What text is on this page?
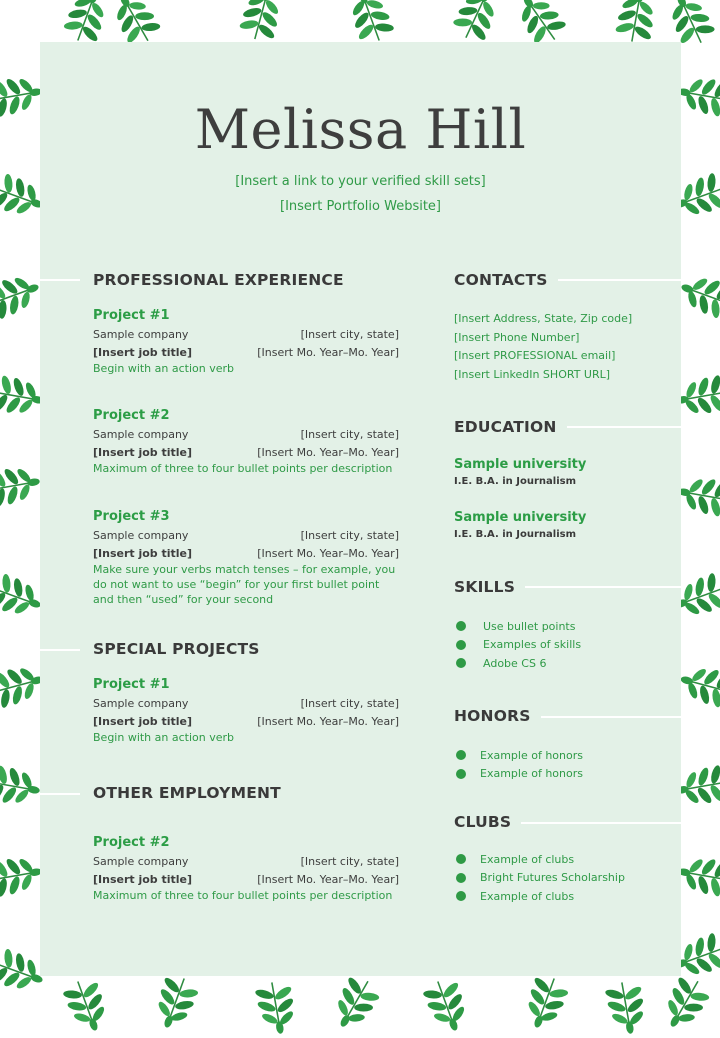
Melissa Hill
[Insert a link to your verified skill sets]
[Insert Portfolio Website]
PROFESSIONAL EXPERIENCE
Project #1
Sample company	[Insert city, state]
[Insert job title]	[Insert Mo. Year–Mo. Year]
Begin with an action verb
Project #2
Sample company	[Insert city, state]
[Insert job title]	[Insert Mo. Year–Mo. Year]
Maximum of three to four bullet points per description
Project #3
Sample company	[Insert city, state]
[Insert job title]	[Insert Mo. Year–Mo. Year]
Make sure your verbs match tenses – for example, you do not want to use “begin” for your first bullet point and then “used” for your second
SPECIAL PROJECTS
Project #1
Sample company	[Insert city, state]
[Insert job title]	[Insert Mo. Year–Mo. Year]
Begin with an action verb
OTHER EMPLOYMENT
Project #2
Sample company	[Insert city, state]
[Insert job title]	[Insert Mo. Year–Mo. Year]
Maximum of three to four bullet points per description
CONTACTS
[Insert Address, State, Zip code]
[Insert Phone Number]
[Insert PROFESSIONAL email]
[Insert LinkedIn SHORT URL]
EDUCATION
Sample university
I.E. B.A. in Journalism
Sample university
I.E. B.A. in Journalism
SKILLS
Use bullet points
Examples of skills
Adobe CS 6
HONORS
Example of honors
Example of honors
CLUBS
Example of clubs
Bright Futures Scholarship
Example of clubs
